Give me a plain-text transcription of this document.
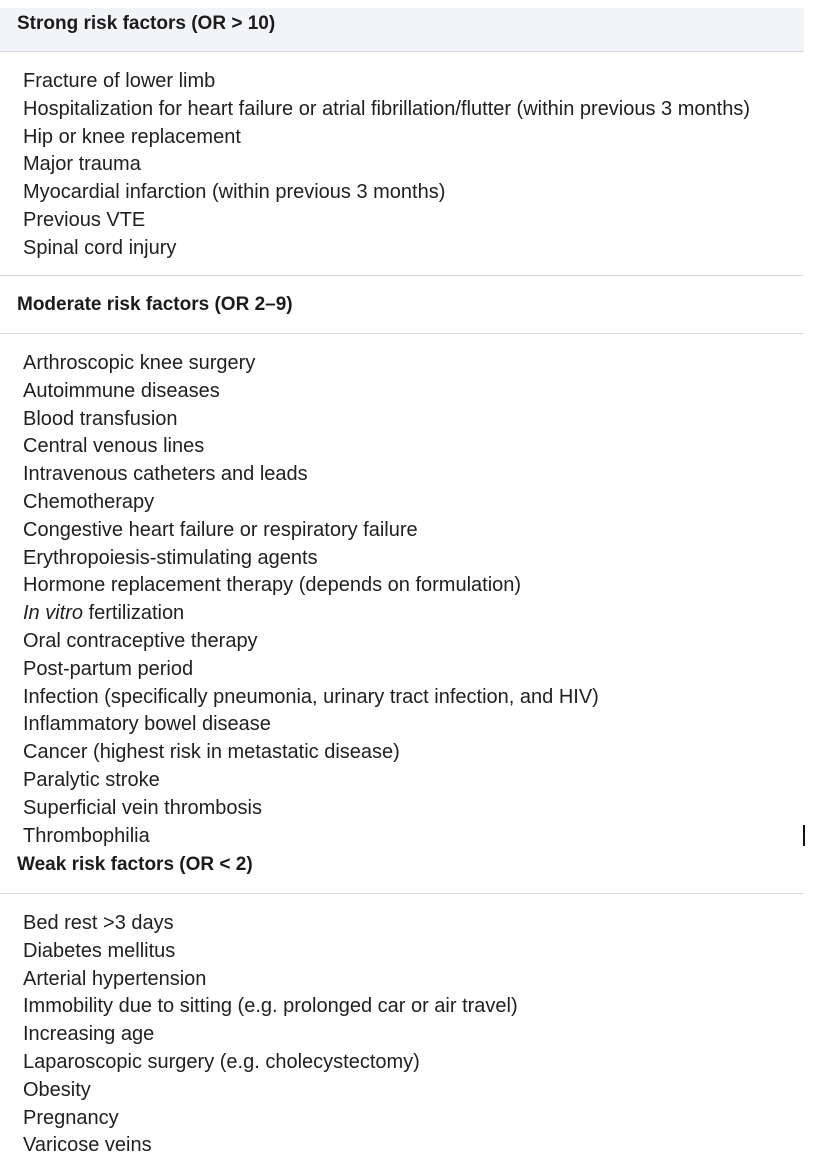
Strong risk factors (OR > 10)
Fracture of lower limb
Hospitalization for heart failure or atrial fibrillation/flutter (within previous 3 months)
Hip or knee replacement
Major trauma
Myocardial infarction (within previous 3 months)
Previous VTE
Spinal cord injury
Moderate risk factors (OR 2–9)
Arthroscopic knee surgery
Autoimmune diseases
Blood transfusion
Central venous lines
Intravenous catheters and leads
Chemotherapy
Congestive heart failure or respiratory failure
Erythropoiesis-stimulating agents
Hormone replacement therapy (depends on formulation)
In vitro fertilization
Oral contraceptive therapy
Post-partum period
Infection (specifically pneumonia, urinary tract infection, and HIV)
Inflammatory bowel disease
Cancer (highest risk in metastatic disease)
Paralytic stroke
Superficial vein thrombosis
Thrombophilia
Weak risk factors (OR < 2)
Bed rest >3 days
Diabetes mellitus
Arterial hypertension
Immobility due to sitting (e.g. prolonged car or air travel)
Increasing age
Laparoscopic surgery (e.g. cholecystectomy)
Obesity
Pregnancy
Varicose veins
